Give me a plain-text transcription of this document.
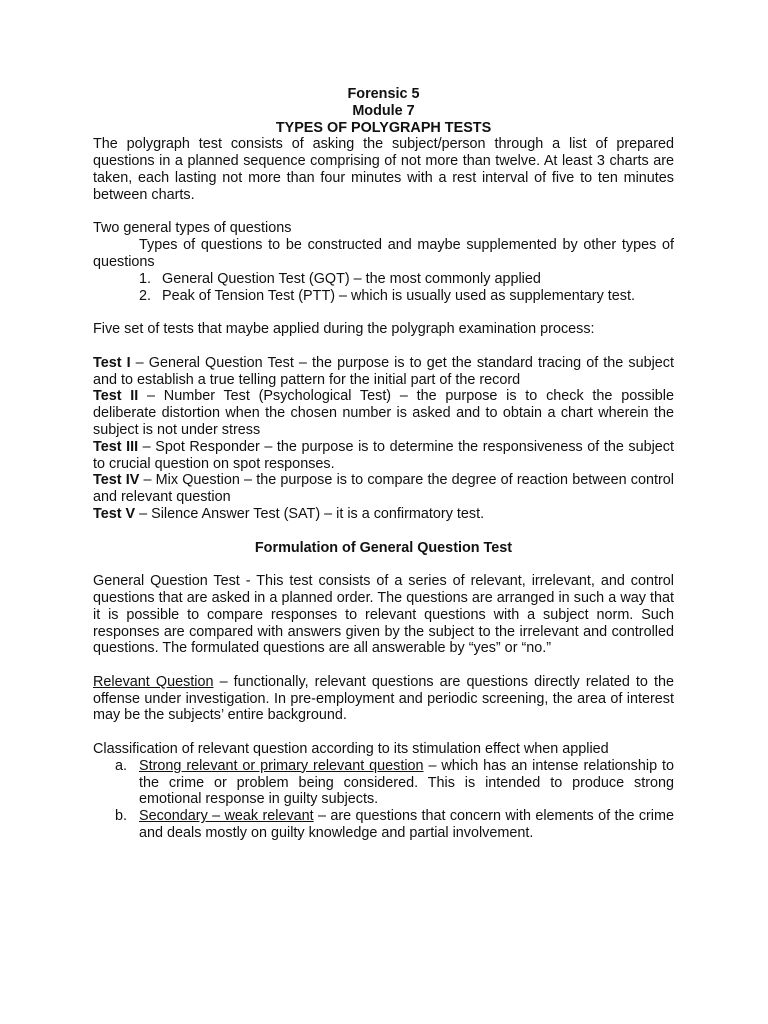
Forensic 5
Module 7
TYPES OF POLYGRAPH TESTS

The polygraph test consists of asking the subject/person through a list of prepared questions in a planned sequence comprising of not more than twelve. At least 3 charts are taken, each lasting not more than four minutes with a rest interval of five to ten minutes between charts.

Two general types of questions

Types of questions to be constructed and maybe supplemented by other types of questions

1. General Question Test (GQT) – the most commonly applied
2. Peak of Tension Test (PTT) – which is usually used as supplementary test.

Five set of tests that maybe applied during the polygraph examination process:

Test I – General Question Test – the purpose is to get the standard tracing of the subject and to establish a true telling pattern for the initial part of the record

Test II – Number Test (Psychological Test) – the purpose is to check the possible deliberate distortion when the chosen number is asked and to obtain a chart wherein the subject is not under stress

Test III – Spot Responder – the purpose is to determine the responsiveness of the subject to crucial question on spot responses.

Test IV – Mix Question – the purpose is to compare the degree of reaction between control and relevant question

Test V – Silence Answer Test (SAT) – it is a confirmatory test.

Formulation of General Question Test

General Question Test - This test consists of a series of relevant, irrelevant, and control questions that are asked in a planned order. The questions are arranged in such a way that it is possible to compare responses to relevant questions with a subject norm. Such responses are compared with answers given by the subject to the irrelevant and controlled questions. The formulated questions are all answerable by “yes” or “no.”

Relevant Question – functionally, relevant questions are questions directly related to the offense under investigation. In pre-employment and periodic screening, the area of interest may be the subjects’ entire background.

Classification of relevant question according to its stimulation effect when applied

a. Strong relevant or primary relevant question – which has an intense relationship to the crime or problem being considered. This is intended to produce strong emotional response in guilty subjects.
b. Secondary – weak relevant – are questions that concern with elements of the crime and deals mostly on guilty knowledge and partial involvement.
